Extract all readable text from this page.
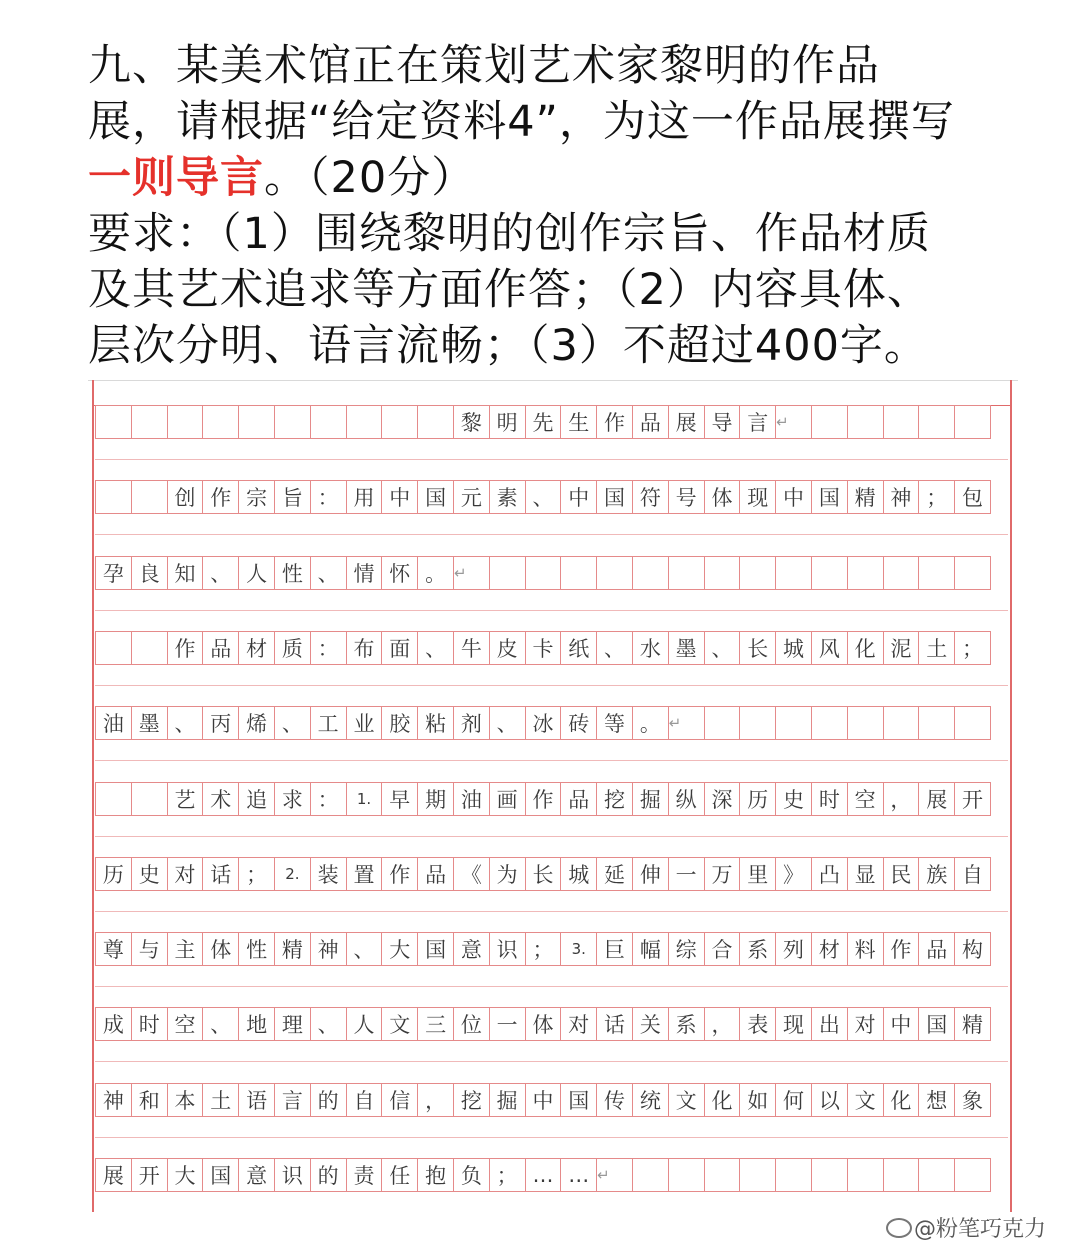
九、某美术馆正在策划艺术家黎明的作品

展，请根据“给定资料4”，为这一作品展撰写

一则导言。（20分）

要求：（1）围绕黎明的创作宗旨、作品材质

及其艺术追求等方面作答；（2）内容具体、

层次分明、语言流畅；（3）不超过400字。

黎 明 先 生 作 品 展 导 言 ↵
创 作 宗 旨 ： 用 中 国 元 素 、 中 国 符 号 体 现 中 国 精 神 ； 包
孕 良 知 、 人 性 、 情 怀 。 ↵
作 品 材 质 ： 布 面 、 牛 皮 卡 纸 、 水 墨 、 长 城 风 化 泥 土 ；
油 墨 、 丙 烯 、 工 业 胶 粘 剂 、 冰 砖 等 。 ↵
艺 术 追 求 ：	1. 早 期 油 画 作 品 挖 掘 纵 深 历 史 时 空 ， 展 开
历 史 对 话 ；	2. 装 置 作 品 《 为 长 城 延 伸 一 万 里 》 凸 显 民 族 自
尊 与 主 体 性 精 神 、 大 国 意 识 ；	3. 巨 幅 综 合 系 列 材 料 作 品 构
成 时 空 、 地 理 、 人 文 三 位 一 体 对 话 关 系 ， 表 现 出 对 中 国 精
神 和 本 土 语 言 的 自 信 ， 挖 掘 中 国 传 统 文 化 如 何 以 文 化 想 象
展 开 大 国 意 识 的 责 任 抱 负 ； … … ↵
@粉笔巧克力
